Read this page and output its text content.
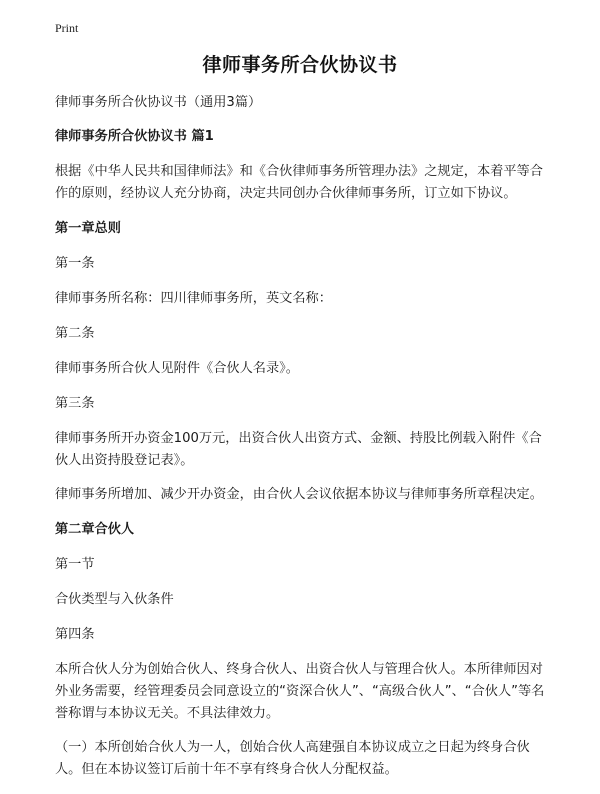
Print
律师事务所合伙协议书

律师事务所合伙协议书（通用3篇）

律师事务所合伙协议书 篇1

根据《中华人民共和国律师法》和《合伙律师事务所管理办法》之规定，本着平等合作的原则，经协议人充分协商，决定共同创办合伙律师事务所，订立如下协议。

第一章总则

第一条

律师事务所名称：四川律师事务所，英文名称：

第二条

律师事务所合伙人见附件《合伙人名录》。

第三条

律师事务所开办资金100万元，出资合伙人出资方式、金额、持股比例载入附件《合伙人出资持股登记表》。

律师事务所增加、减少开办资金，由合伙人会议依据本协议与律师事务所章程决定。

第二章合伙人

第一节

合伙类型与入伙条件

第四条

本所合伙人分为创始合伙人、终身合伙人、出资合伙人与管理合伙人。本所律师因对外业务需要，经管理委员会同意设立的“资深合伙人”、“高级合伙人”、“合伙人”等名誉称谓与本协议无关。不具法律效力。

（一）本所创始合伙人为一人，创始合伙人高建强自本协议成立之日起为终身合伙人。但在本协议签订后前十年不享有终身合伙人分配权益。
